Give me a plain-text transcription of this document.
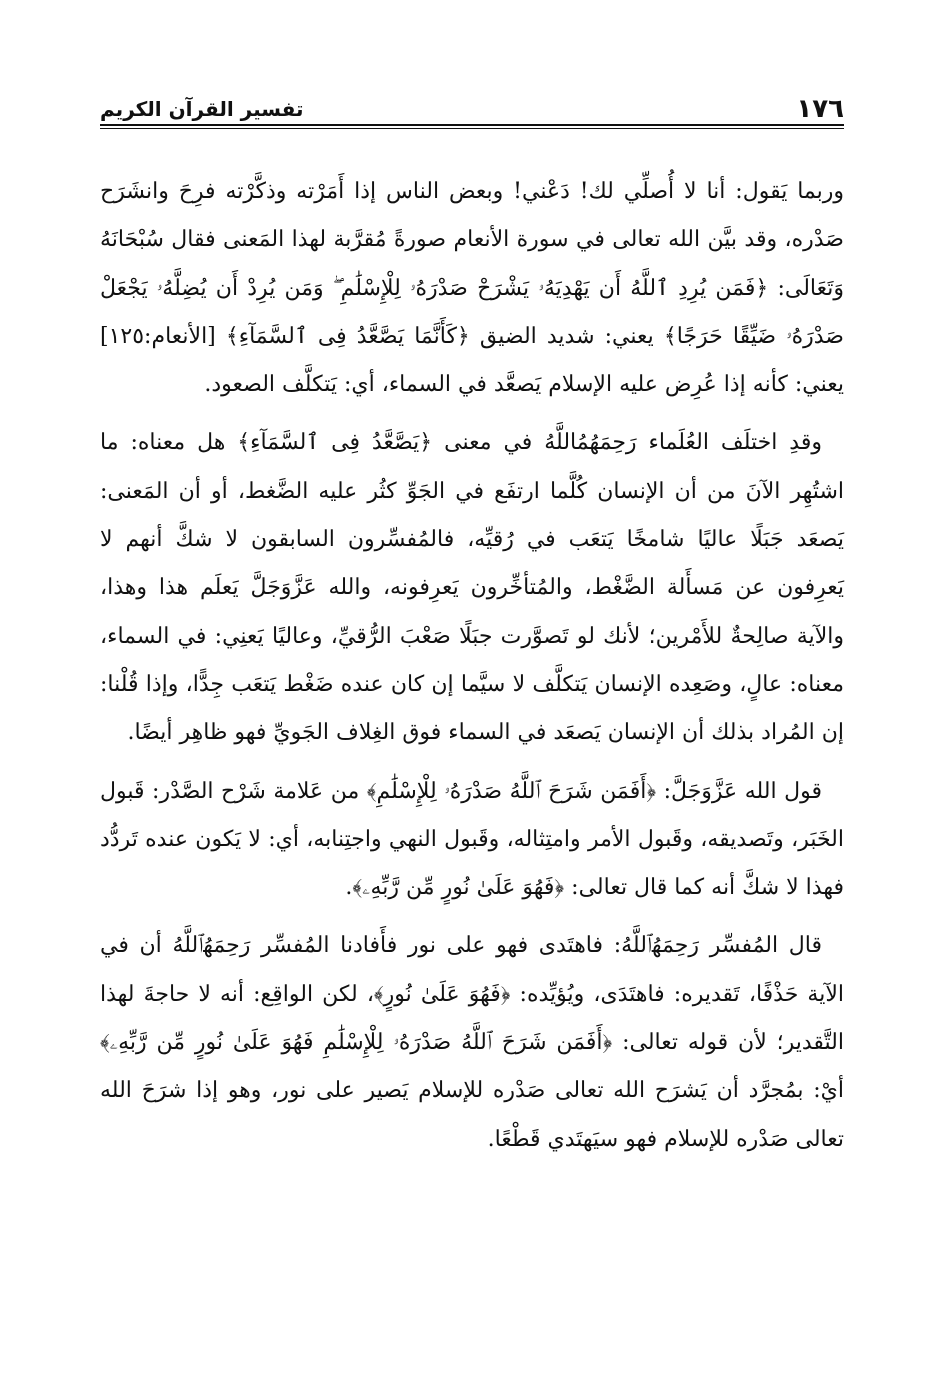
١٧٦
تفسير القرآن الكريم

وربما يَقول: أنا لا أُصلِّي لك! دَعْني! وبعض الناس إذا أَمَرْته وذكَّرْته فرِحَ وانشَرَح صَدْره، وقد بيَّن الله تعالى في سورة الأنعام صورةً مُقرَّبة لهذا المَعنى فقال سُبْحَانَهُ وَتَعَالَى: ﴿فَمَن يُرِدِ ٱللَّهُ أَن يَهْدِيَهُۥ يَشْرَحْ صَدْرَهُۥ لِلْإِسْلَٰمِ ۖ وَمَن يُرِدْ أَن يُضِلَّهُۥ يَجْعَلْ صَدْرَهُۥ ضَيِّقًا حَرَجًا﴾ يعني: شديد الضيق ﴿كَأَنَّمَا يَصَّعَّدُ فِى ٱلسَّمَآءِ﴾ [الأنعام:١٢٥] يعني: كأنه إذا عُرِض عليه الإسلام يَصعَّد في السماء، أي: يَتكلَّف الصعود.

وقدِ اختلَف العُلَماء رَحِمَهُمُاللَّهُ في معنى ﴿يَصَّعَّدُ فِى ٱلسَّمَآءِ﴾ هل معناه: ما اشتُهِر الآنَ من أن الإنسان كُلَّما ارتفَع في الجَوِّ كثُر عليه الضَّغط، أو أن المَعنى: يَصعَد جَبَلًا عاليًا شامخًا يَتعَب في رُقيِّه، فالمُفسِّرون السابقون لا شكَّ أنهم لا يَعرِفون عن مَسأَلة الضَّغْط، والمُتأخِّرون يَعرِفونه، والله عَزَّوَجَلَّ يَعلَم هذا وهذا، والآية صالِحةٌ للأَمْرين؛ لأنك لو تَصوَّرت جبَلًا صَعْبَ الرُّقيِّ، وعاليًا يَعنِي: في السماء، معناه: عالٍ، وصَعِده الإنسان يَتكلَّف لا سيَّما إن كان عنده ضَغْط يَتعَب جِدًّا، وإذا قُلْنا: إن المُراد بذلك أن الإنسان يَصعَد في السماء فوق الغِلاف الجَويِّ فهو ظاهِر أيضًا.

قول الله عَزَّوَجَلَّ: ﴿أَفَمَن شَرَحَ ٱللَّهُ صَدْرَهُۥ لِلْإِسْلَٰمِ﴾ من عَلامة شَرْح الصَّدْر: قَبول الخَبَر، وتَصديقه، وقَبول الأمر وامتِثاله، وقَبول النهي واجتِنابه، أي: لا يَكون عنده تَردُّد فهذا لا شكَّ أنه كما قال تعالى: ﴿فَهُوَ عَلَىٰ نُورٍ مِّن رَّبِّهِۦ﴾.

قال المُفسِّر رَحِمَهُٱللَّهُ: فاهتَدى فهو على نور فأَفادنا المُفسِّر رَحِمَهُٱللَّهُ أن في الآية حَذْفًا، تَقديره: فاهتَدَى، ويُؤيِّده: ﴿فَهُوَ عَلَىٰ نُورٍ﴾، لكن الواقِع: أنه لا حاجةَ لهذا التَّقدير؛ لأن قوله تعالى: ﴿أَفَمَن شَرَحَ ٱللَّهُ صَدْرَهُۥ لِلْإِسْلَٰمِ فَهُوَ عَلَىٰ نُورٍ مِّن رَّبِّهِۦ﴾ أيْ: بمُجرَّد أن يَشرَح الله تعالى صَدْره للإسلام يَصير على نور، وهو إذا شرَحَ الله تعالى صَدْره للإسلام فهو سيَهتَدي قَطْعًا.
